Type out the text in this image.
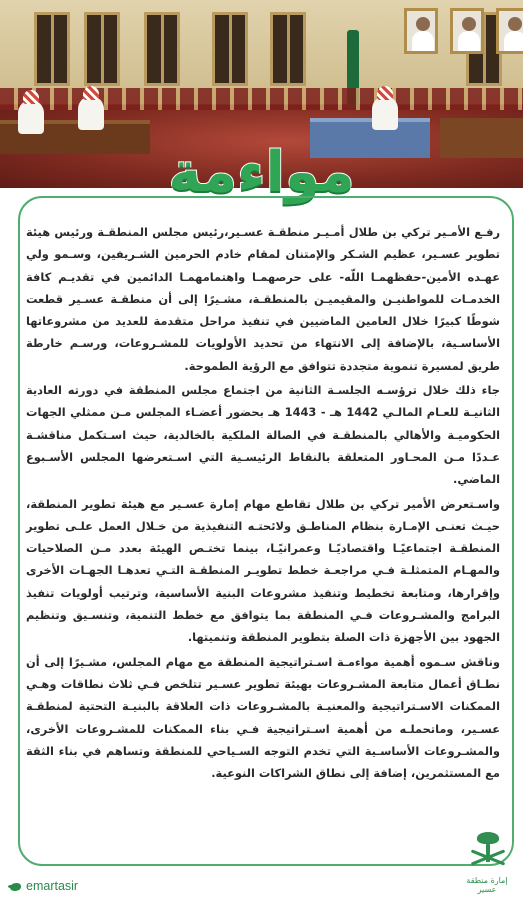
مواءمة

رفـع الأمـير تركي بن طلال أمـيـر منطقـة عسـير،رئيس مجلس المنطقـة ورئيس هيئة تطوير عسـير، عظيم الشـكر والإمتنان لمقام خادم الحرمين الشـريفين، وسـمو ولي عهـده الأمين-حفظهمـا اللّه- على حرصهمـا واهتمامهمـا الدائمين في تقديـم كافة الخدمـات للمواطنيـن والمقيميـن بالمنطقـة، مشـيرًا إلى أن منطقـة عسـير قطعت شوطًا كبيرًا خلال العامين الماضيين في تنفيذ مراحل متقدمة للعديد من مشروعاتها الأساسـية، بالإضافة إلى الانتهاء من تحديد الأولويات للمشـروعات، ورسـم خارطة طريق لمسيرة تنموية متجددة تتوافق مع الرؤية الطموحة.

جاء ذلك خلال ترؤسـه الجلسـة الثانية من اجتماع مجلس المنطقة في دورته العادية الثانيـة للعـام المالـي 1442 هـ - 1443 هـ بحضور أعضـاء المجلس مـن ممثلي الجهات الحكوميـة والأهالي بالمنطقـة في الصالة الملكية بالخالدية، حيث اسـتكمل مناقشـة عـددًا مـن المحـاور المتعلقة بالنقاط الرئيسـية التي اسـتعرضها المجلس الأسـبوع الماضي.

واسـتعرض الأمير تركي بن طلال تقاطع مهام إمارة عسـير مع هيئة تطوير المنطقة، حيـث تعنـى الإمـارة بنظام المناطـق ولائحتـه التنفيذية من خـلال العمل علـى تطوير المنطقـة اجتماعيًـا واقتصاديًـا وعمرانيًـا، بينما تختـص الهيئة بعدد مـن الصلاحيات والمهـام المتمثلـة فـي مراجعـة خطط تطويـر المنطقـة التـي تعدهـا الجهـات الأخرى وإقرارها، ومتابعة تخطيط وتنفيذ مشروعات البنية الأساسية، وترتيب أولويات تنفيذ البرامج والمشـروعات فـي المنطقة بما يتوافق مع خطط التنمية، وتنسـيق وتنظيم الجهود بين الأجهزة ذات الصلة بتطوير المنطقة وتنميتها.

وناقش سـموه أهمية مواءمـة اسـتراتيجية المنطقة مع مهام المجلس، مشـيرًا إلى أن نطـاق أعمال متابعة المشـروعات بهيئة تطوير عسـير تتلخص فـي ثلاث نطاقات وهـي الممكنات الاسـتراتيجية والمعنيـة بالمشـروعات ذات العلاقة بالبنيـة التحتية لمنطقـة عسـير، وماتحملـه من أهمية اسـتراتيجية فـي بناء الممكنات للمشـروعات الأخرى، والمشـروعات الأساسـية التي تخدم التوجه السـياحي للمنطقة وتساهم في بناء الثقة مع المستثمرين، إضافة إلى نطاق الشراكات النوعية.

emartasir	إمارة منطقة عسير
